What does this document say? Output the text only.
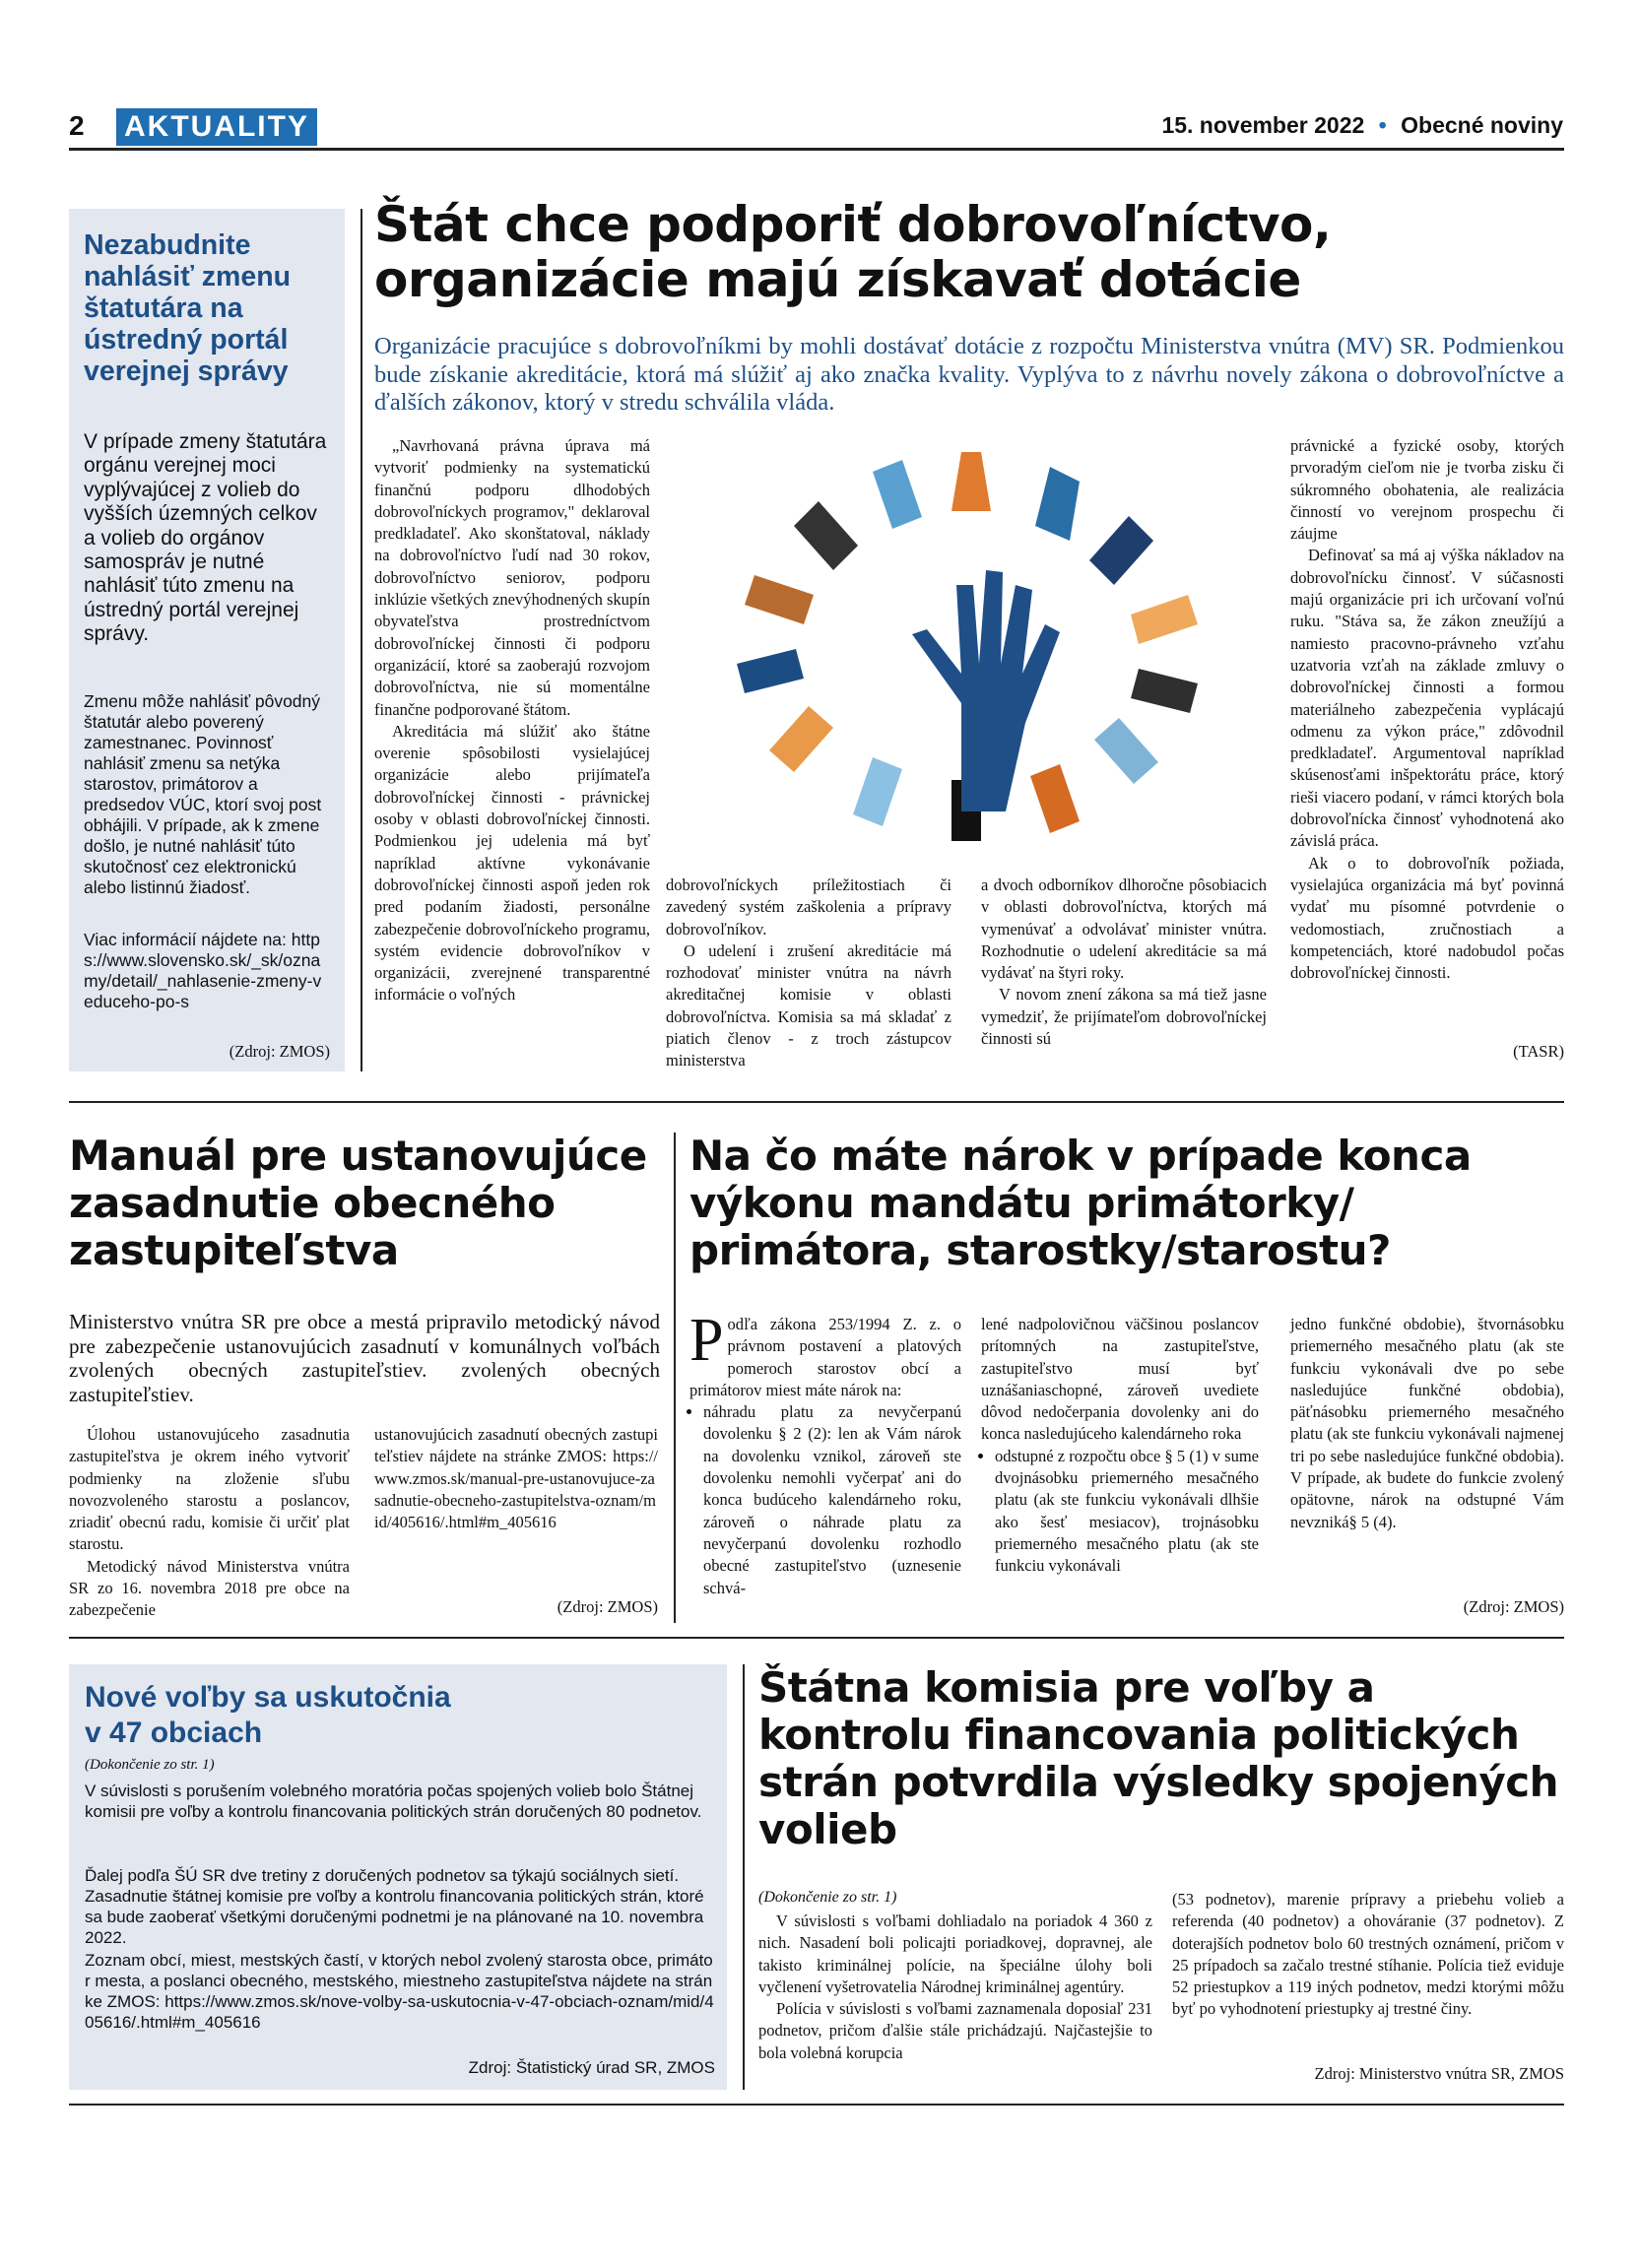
2 AKTUALITY	15. november 2022 • Obecné noviny
Nezabudnite nahlásiť zmenu štatutára na ústredný portál verejnej správy
V prípade zmeny štatutára orgánu verejnej moci vyplývajúcej z volieb do vyšších územných celkov a volieb do orgánov samospráv je nutné nahlásiť túto zmenu na ústredný portál verejnej správy.
Zmenu môže nahlásiť pôvodný štatutár alebo poverený zamestnanec. Povinnosť nahlásiť zmenu sa netýka starostov, primátorov a predsedov VÚC, ktorí svoj post obhájili. V prípade, ak k zmene došlo, je nutné nahlásiť túto skutočnosť cez elektronickú alebo listinnú žiadosť.
Viac informácií nájdete na: https://www.slovensko.sk/_sk/oznamy/detail/_nahlasenie-zmeny-veduceho-po-s
(Zdroj: ZMOS)
Štát chce podporiť dobrovoľníctvo,
organizácie majú získavať dotácie
Organizácie pracujúce s dobrovoľníkmi by mohli dostávať dotácie z rozpočtu Ministerstva vnútra (MV) SR. Podmienkou bude získanie akreditácie, ktorá má slúžiť aj ako značka kvality. Vyplýva to z návrhu novely zákona o dobrovoľníctve a ďalších zákonov, ktorý v stredu schválila vláda.

„Navrhovaná právna úprava má vytvoriť podmienky na systematickú finančnú podporu dlhodobých dobrovoľníckych programov," deklaroval predkladateľ. Ako skonštatoval, náklady na dobrovoľníctvo ľudí nad 30 rokov, dobrovoľníctvo seniorov, podporu inklúzie všetkých znevýhodnených skupín obyvateľstva prostredníctvom dobrovoľníckej činnosti či podporu organizácií, ktoré sa zaoberajú rozvojom dobrovoľníctva, nie sú momentálne finančne podporované štátom.

Akreditácia má slúžiť ako štátne overenie spôsobilosti vysielajúcej organizácie alebo prijímateľa dobrovoľníckej činnosti - právnickej osoby v oblasti dobrovoľníckej činnosti. Podmienkou jej udelenia má byť napríklad aktívne vykonávanie dobrovoľníckej činnosti aspoň jeden rok pred podaním žiadosti, personálne zabezpečenie dobrovoľníckeho programu, systém evidencie dobrovoľníkov v organizácii, zverejnené transparentné informácie o voľných

dobrovoľníckych príležitostiach či zavedený systém zaškolenia a prípravy dobrovoľníkov.

O udelení i zrušení akreditácie má rozhodovať minister vnútra na návrh akreditačnej komisie v oblasti dobrovoľníctva. Komisia sa má skladať z piatich členov - z troch zástupcov ministerstva

a dvoch odborníkov dlhoročne pôsobiacich v oblasti dobrovoľníctva, ktorých má vymenúvať a odvolávať minister vnútra. Rozhodnutie o udelení akreditácie sa má vydávať na štyri roky.

V novom znení zákona sa má tiež jasne vymedziť, že prijímateľom dobrovoľníckej činnosti sú

právnické a fyzické osoby, ktorých prvoradým cieľom nie je tvorba zisku či súkromného obohatenia, ale realizácia činností vo verejnom prospechu či záujme

Definovať sa má aj výška nákladov na dobrovoľnícku činnosť. V súčasnosti majú organizácie pri ich určovaní voľnú ruku. "Stáva sa, že zákon zneužíjú a namiesto pracovno-právneho vzťahu uzatvoria vzťah na základe zmluvy o dobrovoľníckej činnosti a formou materiálneho zabezpečenia vyplácajú odmenu za výkon práce," zdôvodnil predkladateľ. Argumentoval napríklad skúsenosťami inšpektorátu práce, ktorý rieši viacero podaní, v rámci ktorých bola dobrovoľnícka činnosť vyhodnotená ako závislá práca.

Ak o to dobrovoľník požiada, vysielajúca organizácia má byť povinná vydať mu písomné potvrdenie o vedomostiach, zručnostiach a kompetenciách, ktoré nadobudol počas dobrovoľníckej činnosti.

(TASR)
Manuál pre ustanovujúce zasadnutie obecného zastupiteľstva
Ministerstvo vnútra SR pre obce a mestá pripravilo metodický návod pre zabezpečenie ustanovujúcich zasadnutí v komunálnych voľbách zvolených obecných zastupiteľstiev. zvolených obecných zastupiteľstiev.

Úlohou ustanovujúceho zasadnutia zastupiteľstva je okrem iného vytvoriť podmienky na zloženie sľubu novozvoleného starostu a poslancov, zriadiť obecnú radu, komisie či určiť plat starostu.

Metodický návod Ministerstva vnútra SR zo 16. novembra 2018 pre obce na zabezpečenie

ustanovujúcich zasadnutí obecných zastupiteľstiev nájdete na stránke ZMOS: https://www.zmos.sk/manual-pre-ustanovujuce-zasadnutie-obecneho-zastupitelstva-oznam/mid/405616/.html#m_405616

(Zdroj: ZMOS)
Na čo máte nárok v prípade konca výkonu mandátu primátorky/ primátora, starostky/starostu?

Podľa zákona 253/1994 Z. z. o právnom postavení a platových pomeroch starostov obcí a primátorov miest máte nárok na:

• náhradu platu za nevyčerpanú dovolenku § 2 (2): len ak Vám nárok na dovolenku vznikol, zároveň ste dovolenku nemohli vyčerpať ani do konca budúceho kalendárneho roku, zároveň o náhrade platu za nevyčerpanú dovolenku rozhodlo obecné zastupiteľstvo (uznesenie schvá-

lené nadpolovičnou väčšinou poslancov prítomných na zastupiteľstve, zastupiteľstvo musí byť uznášaniaschopné, zároveň uvediete dôvod nedočerpania dovolenky ani do konca nasledujúceho kalendárneho roka

• odstupné z rozpočtu obce § 5 (1) v sume dvojnásobku priemerného mesačného platu (ak ste funkciu vykonávali dlhšie ako šesť mesiacov), trojnásobku priemerného mesačného platu (ak ste funkciu vykonávali

jedno funkčné obdobie), štvornásobku priemerného mesačného platu (ak ste funkciu vykonávali dve po sebe nasledujúce funkčné obdobia), päťnásobku priemerného mesačného platu (ak ste funkciu vykonávali najmenej tri po sebe nasledujúce funkčné obdobia). V prípade, ak budete do funkcie zvolený opätovne, nárok na odstupné Vám nevzniká§ 5 (4).

(Zdroj: ZMOS)
Nové voľby sa uskutočnia
v 47 obciach
(Dokončenie zo str. 1)
V súvislosti s porušením volebného moratória počas spojených volieb bolo Štátnej komisii pre voľby a kontrolu financovania politických strán doručených 80 podnetov.
Ďalej podľa ŠÚ SR dve tretiny z doručených podnetov sa týkajú sociálnych sietí. Zasadnutie štátnej komisie pre voľby a kontrolu financovania politických strán, ktoré sa bude zaoberať všetkými doručenými podnetmi je na plánované na 10. novembra 2022.
Zoznam obcí, miest, mestských častí, v ktorých nebol zvolený starosta obce, primátor mesta, a poslanci obecného, mestského, miestneho zastupiteľstva nájdete na stránke ZMOS: https://www.zmos.sk/nove-volby-sa-uskutocnia-v-47-obciach-oznam/mid/405616/.html#m_405616
Zdroj: Štatistický úrad SR, ZMOS
Štátna komisia pre voľby a kontrolu financovania politických strán potvrdila výsledky spojených volieb
(Dokončenie zo str. 1)

V súvislosti s voľbami dohliadalo na poriadok 4 360 z nich. Nasadení boli policajti poriadkovej, dopravnej, ale takisto kriminálnej polície, na špeciálne úlohy boli vyčlenení vyšetrovatelia Národnej kriminálnej agentúry.

Polícia v súvislosti s voľbami zaznamenala doposiaľ 231 podnetov, pričom ďalšie stále prichádzajú. Najčastejšie to bola volebná korupcia

(53 podnetov), marenie prípravy a priebehu volieb a referenda (40 podnetov) a ohováranie (37 podnetov). Z doterajších podnetov bolo 60 trestných oznámení, pričom v 25 prípadoch sa začalo trestné stíhanie. Polícia tiež eviduje 52 priestupkov a 119 iných podnetov, medzi ktorými môžu byť po vyhodnotení priestupky aj trestné činy.

Zdroj: Ministerstvo vnútra SR, ZMOS
